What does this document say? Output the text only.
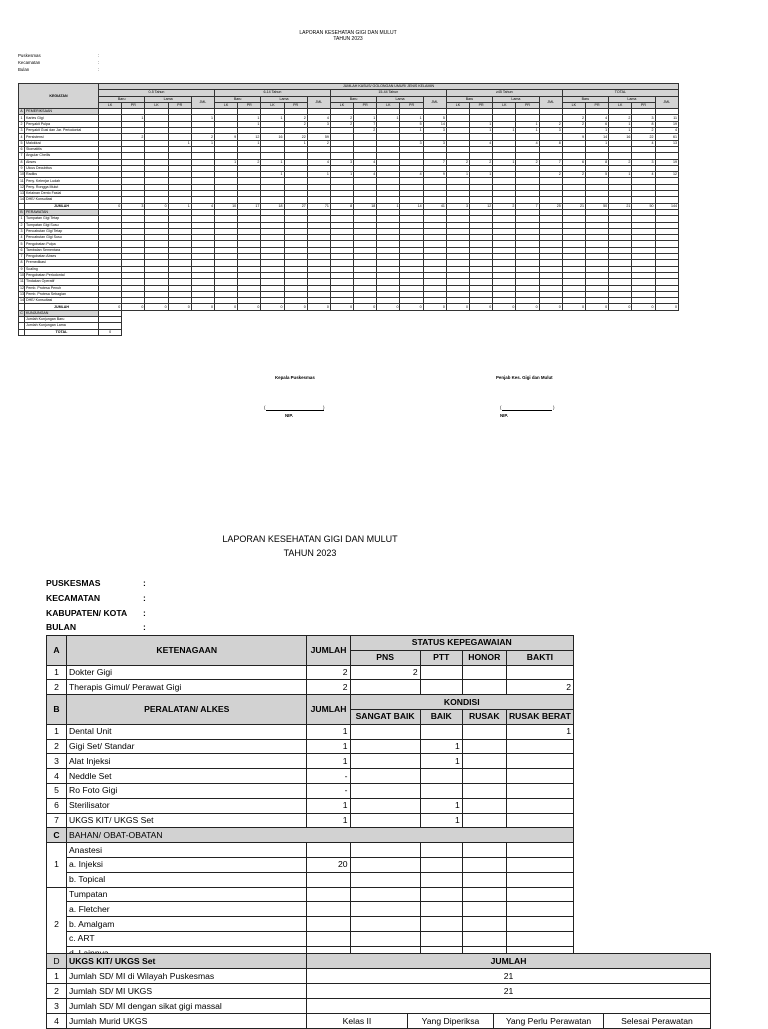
LAPORAN KESEHATAN GIGI DAN MULUT
TAHUN 2023
Puskesmas	:
Kecamatan	:
Bulan	:
KEGIATAN		JUMLAH KASUS/ GOLONGAN UMUR/ JENIS KELAMIN																								
		0-5 Tahun					6-14 Tahun					15-44 Tahun					≥45 Tahun					TOTAL				
		Baru		Lama		JML	Baru		Lama		JML	Baru		Lama		JML	Baru		Lama		JML	Baru		Lama		JML
		LK	PR	LK	PR		LK	PR	LK	PR		LK	PR	LK	PR		LK	PR	LK	PR		LK	PR	LK	PR	
A	PEMERIKSAAN																									
1	Karies Gigi		1			1		1	1	2	4	2	1	1	1	5						2	4	2	3	11
2	Penyakit Pulpa							1		2	3	2	7		5	14		1		1	2	2	6	1	8	19
3	Penyakit Gusi dan Jar. Periodontal												2		1	3		1	1	1	3		1	1	2	4
4	Persistensi		2			2	9	12	16	22	59											9	14	16	22	61
5	Maloklusi				1	1		1		1	2				3	3		4		4	8		1		4	13
6	Stomatitis																									
7	Angular Cheilis																									
8	Abses						1	2	1		4	3	4			7	2	2	1	2	7	6	8	2	3	19
9	Ulcus Decubitus																									
10	Radiks								1		1	1	4		4	9	1	1			2	2	5	1	4	12
11	Peny. Kelenjar Ludah																									
12	Peny. Rongga Mulut																									
13	Kelainan Dento Fasial																									
14	DHE/ Konsultasi																									
	JUMLAH	0	3	0	1	4	10	17	18	27	71	8	18	1	14	41	3	12	2	7	25	21	50	21	50	144
B	PERAWATAN																									
1	Tumpatan Gigi Tetap																									
2	Tumpatan Gigi Susu																									
3	Pencabutan Gigi Tetap																									
4	Pencabutan Gigi Susu																									
5	Pengobatan Pulpa																									
6	Tambalan Sementara																									
7	Pengobatan Abses																									
8	Premedikasi																									
9	Scaling																									
10	Pengobatan Periodontal																									
11	Tindakan Operatif																									
12	Pemb. Protesa Penuh																									
13	Pemb. Protesa Sebagian																									
14	DHE/ Konsultasi																									
	JUMLAH	0	0	0	0	0	0	0	0	0	0	0	0	0	0	0	0	0	0	0	0	0	0	0	0	0
C	KUNJUNGAN																									
	Jumlah Kunjungan Baru																									
	Jumlah Kunjungan Lama																									
	TOTAL	0																								
Kepala Puskesmas
(	)
NIP.
Penjab Kes. Gigi dan Mulut
(	)
NIP.
LAPORAN KESEHATAN GIGI DAN MULUT
TAHUN 2023
PUSKESMAS	:
KECAMATAN	:
KABUPATEN/ KOTA :
BULAN	:
A	KETENAGAAN	JUMLAH	STATUS KEPEGAWAIAN			
			PNS	PTT	HONOR	BAKTI
1	Dokter Gigi	2	2			
2	Therapis Gimul/ Perawat Gigi	2				2
B	PERALATAN/ ALKES	JUMLAH	KONDISI			
			SANGAT BAIK	BAIK	RUSAK	RUSAK BERAT
1	Dental Unit	1				1
2	Gigi Set/ Standar	1		1		
3	Alat Injeksi	1		1		
4	Neddle Set	-				
5	Ro Foto Gigi	-				
6	Sterilisator	1		1		
7	UKGS KIT/ UKGS Set	1		1		
C	BAHAN/ OBAT-OBATAN					
1	Anastesi					
	a. Injeksi	20				
	b. Topical					
2	Tumpatan					
	a. Fletcher					
	b. Amalgam					
	c. ART					

D	UKGS KIT/ UKGS Set	JUMLAH			
1	Jumlah SD/ MI di Wilayah Puskesmas	21			
2	Jumlah SD/ MI UKGS	21			
3	Jumlah SD/ MI dengan sikat gigi massal				
4	Jumlah Murid UKGS	Kelas II	Yang Diperiksa	Yang Perlu Perawatan	Selesai Perawatan
